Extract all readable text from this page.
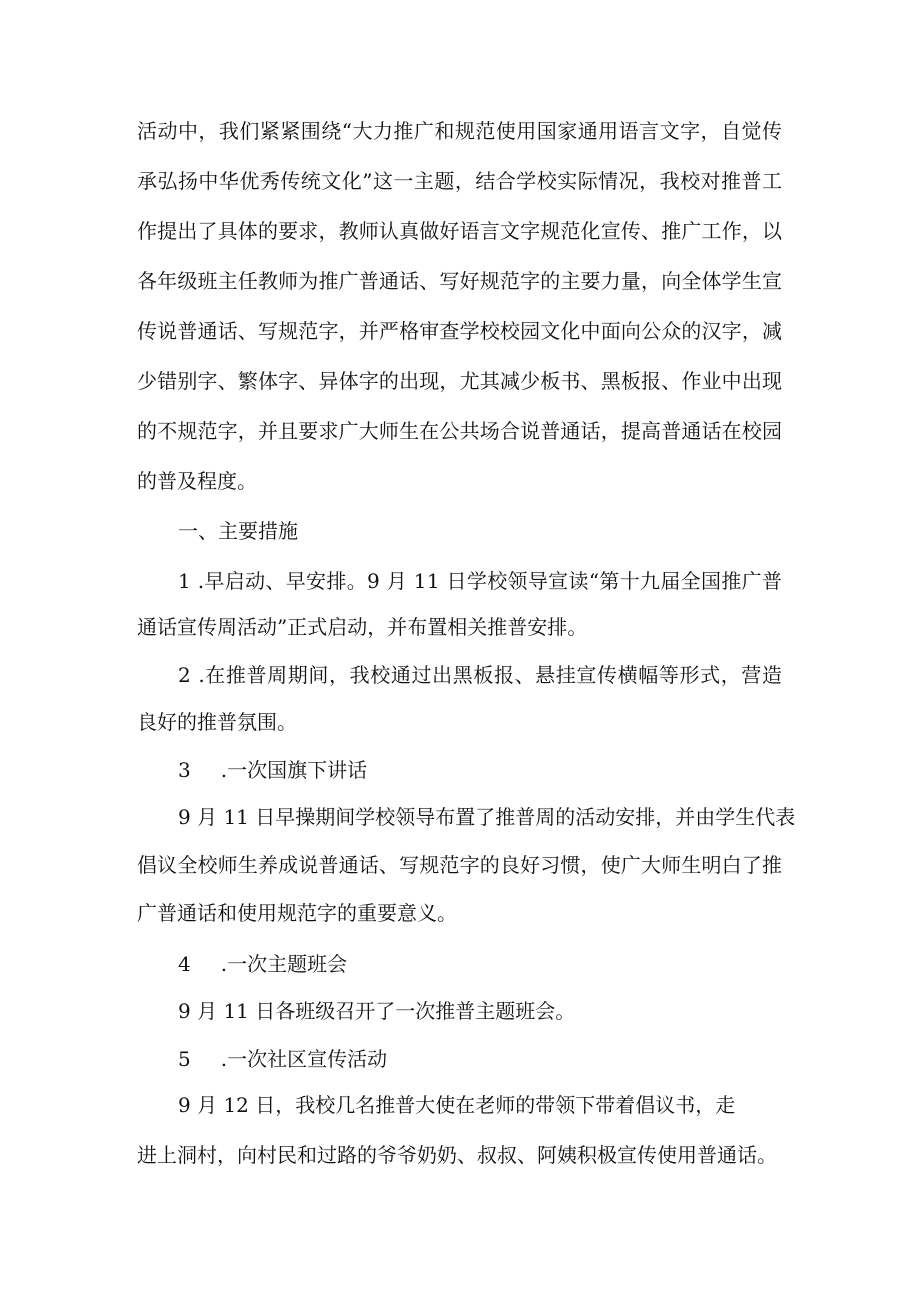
活动中，我们紧紧围绕“大力推广和规范使用国家通用语言文字，自觉传
承弘扬中华优秀传统文化”这一主题，结合学校实际情况，我校对推普工
作提出了具体的要求，教师认真做好语言文字规范化宣传、推广工作，以
各年级班主任教师为推广普通话、写好规范字的主要力量，向全体学生宣
传说普通话、写规范字，并严格审查学校校园文化中面向公众的汉字，减
少错别字、繁体字、异体字的出现，尤其减少板书、黑板报、作业中出现
的不规范字，并且要求广大师生在公共场合说普通话，提高普通话在校园
的普及程度。
一、主要措施
1 .早启动、早安排。9 月 11 日学校领导宣读“第十九届全国推广普
通话宣传周活动”正式启动，并布置相关推普安排。
2 .在推普周期间，我校通过出黑板报、悬挂宣传横幅等形式，营造
良好的推普氛围。
3 .一次国旗下讲话
9 月 11 日早操期间学校领导布置了推普周的活动安排，并由学生代表
倡议全校师生养成说普通话、写规范字的良好习惯，使广大师生明白了推
广普通话和使用规范字的重要意义。
4 .一次主题班会
9 月 11 日各班级召开了一次推普主题班会。
5 .一次社区宣传活动
9 月 12 日，我校几名推普大使在老师的带领下带着倡议书，走
进上洞村，向村民和过路的爷爷奶奶、叔叔、阿姨积极宣传使用普通话。
